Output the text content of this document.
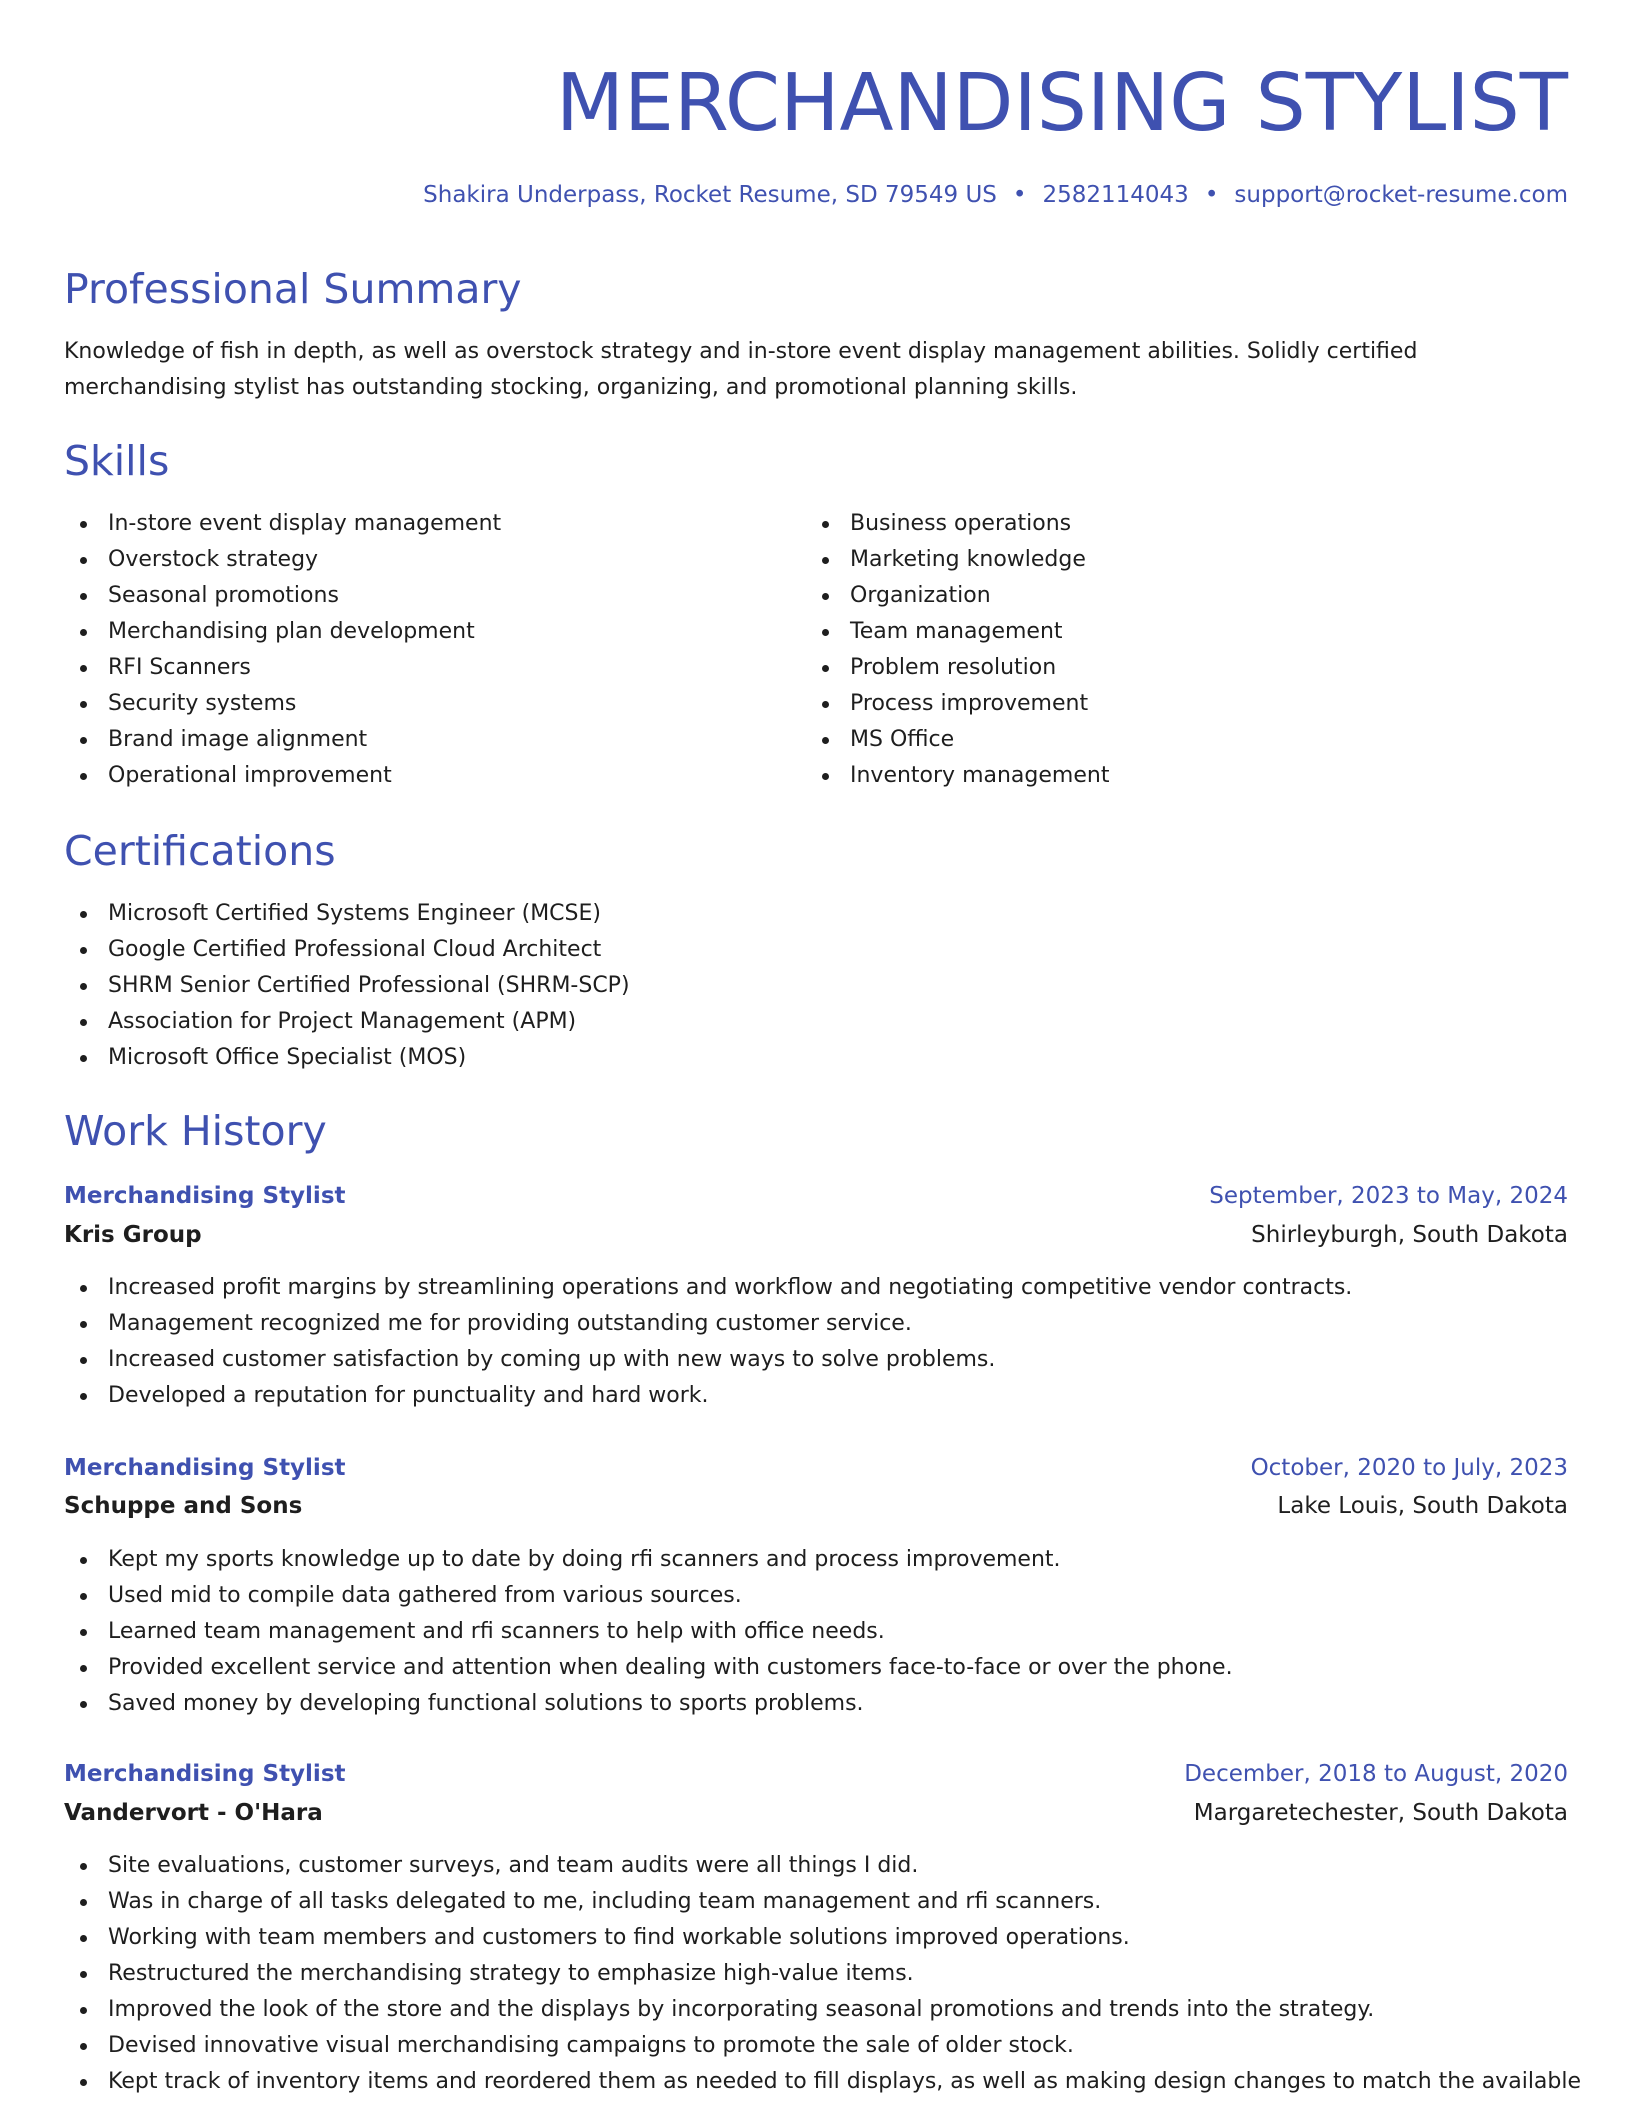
MERCHANDISING STYLIST
Shakira Underpass, Rocket Resume, SD 79549 US • 2582114043 • support@rocket-resume.com
Professional Summary

Knowledge of fish in depth, as well as overstock strategy and in-store event display management abilities. Solidly certified merchandising stylist has outstanding stocking, organizing, and promotional planning skills.

Skills
In-store event display management
Overstock strategy
Seasonal promotions
Merchandising plan development
RFI Scanners
Security systems
Brand image alignment
Operational improvement
Business operations
Marketing knowledge
Organization
Team management
Problem resolution
Process improvement
MS Office
Inventory management
Certifications
Microsoft Certified Systems Engineer (MCSE)
Google Certified Professional Cloud Architect
SHRM Senior Certified Professional (SHRM-SCP)
Association for Project Management (APM)
Microsoft Office Specialist (MOS)
Work History
Merchandising Stylist	September, 2023 to May, 2024
Kris Group	Shirleyburgh, South Dakota
Increased profit margins by streamlining operations and workflow and negotiating competitive vendor contracts.
Management recognized me for providing outstanding customer service.
Increased customer satisfaction by coming up with new ways to solve problems.
Developed a reputation for punctuality and hard work.
Merchandising Stylist	October, 2020 to July, 2023
Schuppe and Sons	Lake Louis, South Dakota
Kept my sports knowledge up to date by doing rfi scanners and process improvement.
Used mid to compile data gathered from various sources.
Learned team management and rfi scanners to help with office needs.
Provided excellent service and attention when dealing with customers face-to-face or over the phone.
Saved money by developing functional solutions to sports problems.
Merchandising Stylist	December, 2018 to August, 2020
Vandervort - O'Hara	Margaretechester, South Dakota
Site evaluations, customer surveys, and team audits were all things I did.
Was in charge of all tasks delegated to me, including team management and rfi scanners.
Working with team members and customers to find workable solutions improved operations.
Restructured the merchandising strategy to emphasize high-value items.
Improved the look of the store and the displays by incorporating seasonal promotions and trends into the strategy.
Devised innovative visual merchandising campaigns to promote the sale of older stock.
Kept track of inventory items and reordered them as needed to fill displays, as well as making design changes to match the available
